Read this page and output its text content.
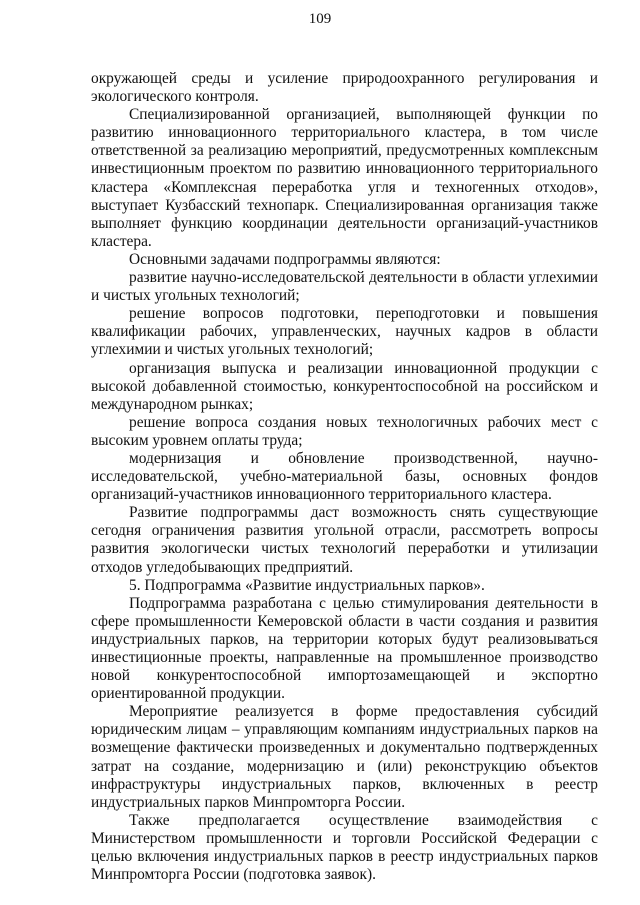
109

окружающей среды и усиление природоохранного регулирования и экологического контроля.

Специализированной организацией, выполняющей функции по развитию инновационного территориального кластера, в том числе ответственной за реализацию мероприятий, предусмотренных комплексным инвестиционным проектом по развитию инновационного территориального кластера «Комплексная переработка угля и техногенных отходов», выступает Кузбасский технопарк. Специализированная организация также выполняет функцию координации деятельности организаций-участников кластера.

Основными задачами подпрограммы являются:

развитие научно-исследовательской деятельности в области углехимии и чистых угольных технологий;

решение вопросов подготовки, переподготовки и повышения квалификации рабочих, управленческих, научных кадров в области углехимии и чистых угольных технологий;

организация выпуска и реализации инновационной продукции с высокой добавленной стоимостью, конкурентоспособной на российском и международном рынках;

решение вопроса создания новых технологичных рабочих мест с высоким уровнем оплаты труда;

модернизация и обновление производственной, научно-исследовательской, учебно-материальной базы, основных фондов организаций-участников инновационного территориального кластера.

Развитие подпрограммы даст возможность снять существующие сегодня ограничения развития угольной отрасли, рассмотреть вопросы развития экологически чистых технологий переработки и утилизации отходов угледобывающих предприятий.

5. Подпрограмма «Развитие индустриальных парков».

Подпрограмма разработана с целью стимулирования деятельности в сфере промышленности Кемеровской области в части создания и развития индустриальных парков, на территории которых будут реализовываться инвестиционные проекты, направленные на промышленное производство новой конкурентоспособной импортозамещающей и экспортно ориентированной продукции.

Мероприятие реализуется в форме предоставления субсидий юридическим лицам – управляющим компаниям индустриальных парков на возмещение фактически произведенных и документально подтвержденных затрат на создание, модернизацию и (или) реконструкцию объектов инфраструктуры индустриальных парков, включенных в реестр индустриальных парков Минпромторга России.

Также предполагается осуществление взаимодействия с Министерством промышленности и торговли Российской Федерации с целью включения индустриальных парков в реестр индустриальных парков Минпромторга России (подготовка заявок).
